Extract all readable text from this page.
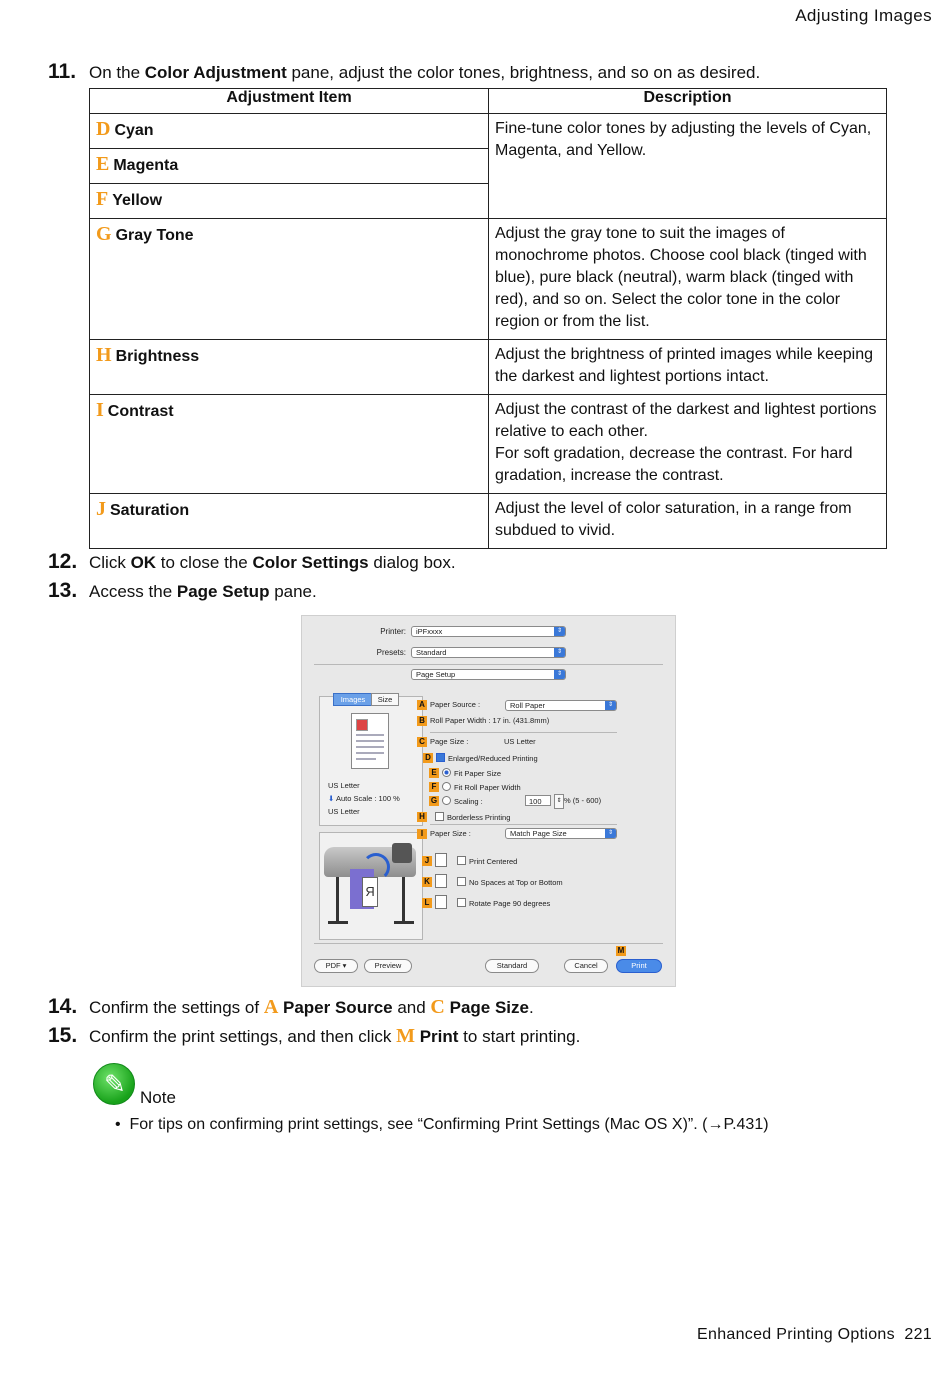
Adjusting Images
11. On the Color Adjustment pane, adjust the color tones, brightness, and so on as desired.
Adjustment Item	Description
D Cyan	Fine-tune color tones by adjusting the levels of Cyan, Magenta, and Yellow.
E Magenta	
F Yellow	
G Gray Tone	Adjust the gray tone to suit the images of monochrome photos. Choose cool black (tinged with blue), pure black (neutral), warm black (tinged with red), and so on. Select the color tone in the color region or from the list.
H Brightness	Adjust the brightness of printed images while keeping the darkest and lightest portions intact.
I Contrast	Adjust the contrast of the darkest and lightest portions relative to each other.
For soft gradation, decrease the contrast. For hard gradation, increase the contrast.

J Saturation	Adjust the level of color saturation, in a range from subdued to vivid.
12. Click OK to close the Color Settings dialog box.
13. Access the Page Setup pane.
Printer:	iPFxxxx	⇕
Presets:	Standard	⇕
Page Setup	⇕
Images	Size
US Letter
⬇ Auto Scale : 100 %
US Letter
R
A Paper Source :	Roll Paper	⇕
B Roll Paper Width : 17 in. (431.8mm)
C Page Size :	US Letter
D	Enlarged/Reduced Printing
E	Fit Paper Size
F	Fit Roll Paper Width
G	Scaling :	100	⇕ % (5 - 600)
H	Borderless Printing
I Paper Size :	Match Page Size	⇕
J	Print Centered
K	No Spaces at Top or Bottom
L	Rotate Page 90 degrees
M
PDF ▾	Preview	Standard	Cancel	Print
14. Confirm the settings of A Paper Source and C Page Size.
15. Confirm the print settings, and then click M Print to start printing.
✎ Note
• For tips on confirming print settings, see “Confirming Print Settings (Mac OS X)”. (→P.431)
Enhanced Printing Options 221
